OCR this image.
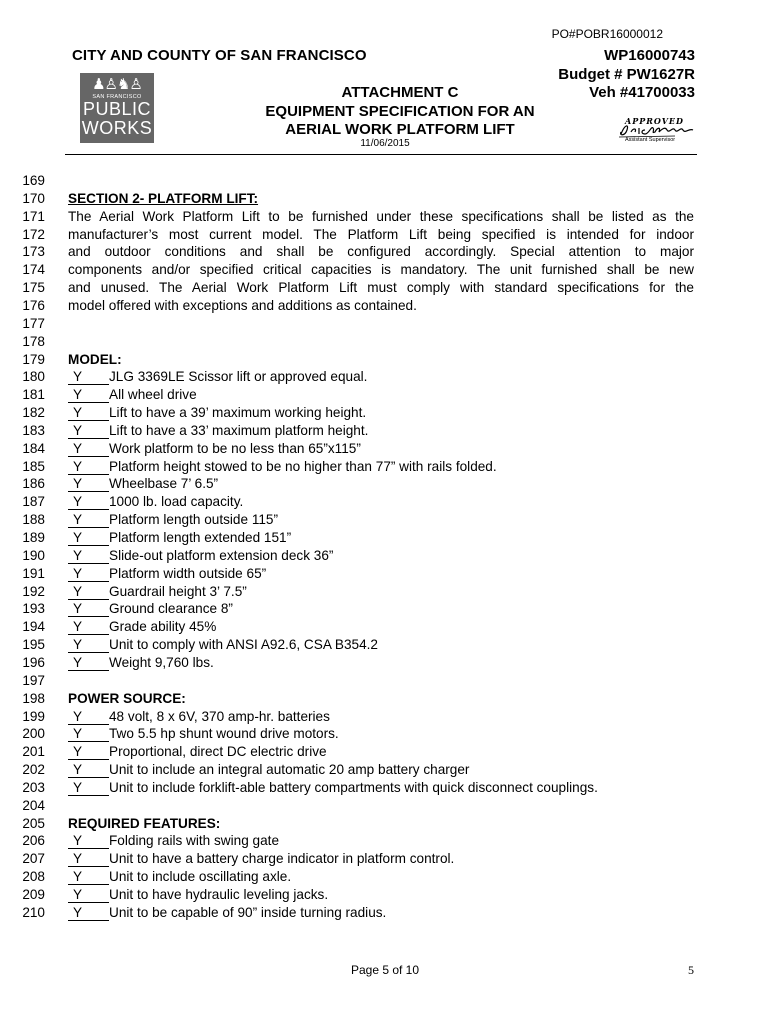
PO#POBR16000012
CITY AND COUNTY OF SAN FRANCISCO	WP16000743
Budget # PW1627R
Veh #41700033
♟♙♞♙
SAN FRANCISCO
PUBLIC
WORKS
ATTACHMENT C
EQUIPMENT SPECIFICATION FOR AN
AERIAL WORK PLATFORM LIFT
11/06/2015
APPROVED
Assistant Supervisor
169
170 SECTION 2- PLATFORM LIFT:
171 The Aerial Work Platform Lift to be furnished under these specifications shall be listed as the
172 manufacturer’s most current model. The Platform Lift being specified is intended for indoor
173 and outdoor conditions and shall be configured accordingly. Special attention to major
174 components and/or specified critical capacities is mandatory. The unit furnished shall be new
175 and unused. The Aerial Work Platform Lift must comply with standard specifications for the
176 model offered with exceptions and additions as contained.
177
178
179 MODEL:
180	Y JLG 3369LE Scissor lift or approved equal.
181	Y All wheel drive
182	Y Lift to have a 39’ maximum working height.
183	Y Lift to have a 33’ maximum platform height.
184	Y Work platform to be no less than 65”x115”
185	Y Platform height stowed to be no higher than 77” with rails folded.
186	Y Wheelbase 7’ 6.5”
187	Y 1000 lb. load capacity.
188	Y Platform length outside 115”
189	Y Platform length extended 151”
190	Y Slide-out platform extension deck 36”
191	Y Platform width outside 65”
192	Y Guardrail height 3’ 7.5”
193	Y Ground clearance 8”
194	Y Grade ability 45%
195	Y Unit to comply with ANSI A92.6, CSA B354.2
196	Y Weight 9,760 lbs.
197
198 POWER SOURCE:
199	Y 48 volt, 8 x 6V, 370 amp-hr. batteries
200	Y Two 5.5 hp shunt wound drive motors.
201	Y Proportional, direct DC electric drive
202	Y Unit to include an integral automatic 20 amp battery charger
203	Y Unit to include forklift-able battery compartments with quick disconnect couplings.
204
205 REQUIRED FEATURES:
206	Y Folding rails with swing gate
207	Y Unit to have a battery charge indicator in platform control.
208	Y Unit to include oscillating axle.
209	Y Unit to have hydraulic leveling jacks.
210	Y Unit to be capable of 90” inside turning radius.
Page 5 of 10	5
